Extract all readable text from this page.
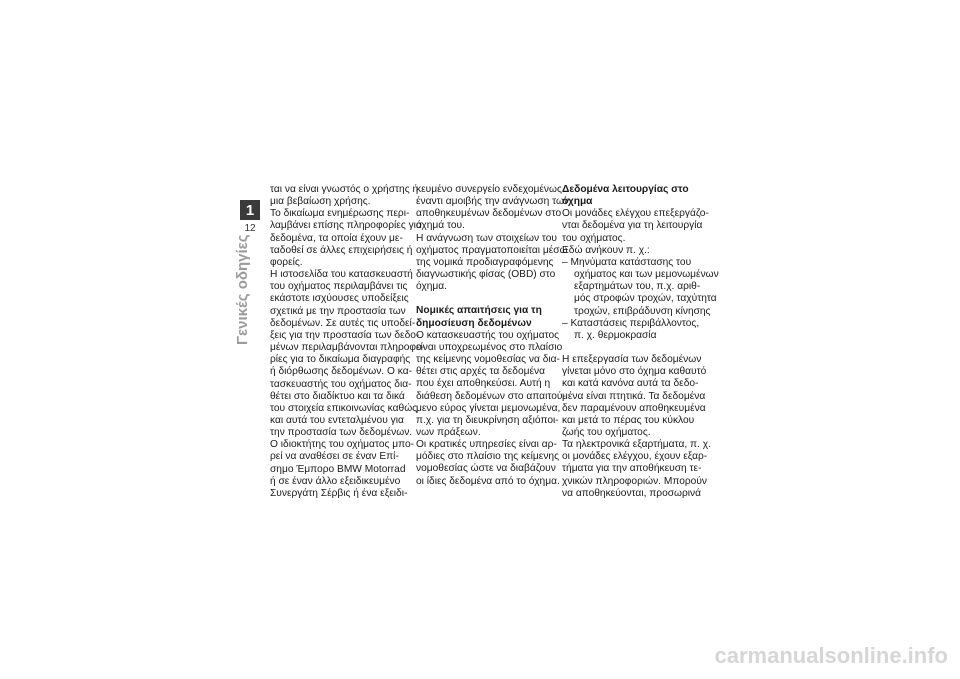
1
12
Γενικές οδηγίες
ται να είναι γνωστός ο χρήστης ή
μια βεβαίωση χρήσης.
Το δικαίωμα ενημέρωσης περι-
λαμβάνει επίσης πληροφορίες για
δεδομένα, τα οποία έχουν με-
ταδοθεί σε άλλες επιχειρήσεις ή
φορείς.
Η ιστοσελίδα του κατασκευαστή
του οχήματος περιλαμβάνει τις
εκάστοτε ισχύουσες υποδείξεις
σχετικά με την προστασία των
δεδομένων. Σε αυτές τις υποδεί-
ξεις για την προστασία των δεδο-
μένων περιλαμβάνονται πληροφο-
ρίες για το δικαίωμα διαγραφής
ή διόρθωσης δεδομένων. Ο κα-
τασκευαστής του οχήματος δια-
θέτει στο διαδίκτυο και τα δικά
του στοιχεία επικοινωνίας καθώς
και αυτά του εντεταλμένου για
την προστασία των δεδομένων.
Ο ιδιοκτήτης του οχήματος μπο-
ρεί να αναθέσει σε έναν Επί-
σημο Έμπορο BMW Motorrad
ή σε έναν άλλο εξειδικευμένο
Συνεργάτη Σέρβις ή ένα εξειδι-
κευμένο συνεργείο ενδεχομένως
έναντι αμοιβής την ανάγνωση των
αποθηκευμένων δεδομένων στο
όχημά του.
Η ανάγνωση των στοιχείων του
οχήματος πραγματοποιείται μέσω
της νομικά προδιαγραφόμενης
διαγνωστικής φίσας (OBD) στο
όχημα.
Νομικές απαιτήσεις για τη
δημοσίευση δεδομένων
Ο κατασκευαστής του οχήματος
είναι υποχρεωμένος στο πλαίσιο
της κείμενης νομοθεσίας να δια-
θέτει στις αρχές τα δεδομένα
που έχει αποθηκεύσει. Αυτή η
διάθεση δεδομένων στο απαιτού-
μενο εύρος γίνεται μεμονωμένα,
π.χ. για τη διευκρίνηση αξιόποι-
νων πράξεων.
Οι κρατικές υπηρεσίες είναι αρ-
μόδιες στο πλαίσιο της κείμενης
νομοθεσίας ώστε να διαβάζουν
οι ίδιες δεδομένα από το όχημα.
Δεδομένα λειτουργίας στο
όχημα
Οι μονάδες ελέγχου επεξεργάζο-
νται δεδομένα για τη λειτουργία
του οχήματος.
Εδώ ανήκουν π. χ.:
– Μηνύματα κατάστασης του
οχήματος και των μεμονωμένων
εξαρτημάτων του, π.χ. αριθ-
μός στροφών τροχών, ταχύτητα
τροχών, επιβράδυνση κίνησης
– Καταστάσεις περιβάλλοντος,
π. χ. θερμοκρασία
Η επεξεργασία των δεδομένων
γίνεται μόνο στο όχημα καθαυτό
και κατά κανόνα αυτά τα δεδο-
μένα είναι πτητικά. Τα δεδομένα
δεν παραμένουν αποθηκευμένα
και μετά το πέρας του κύκλου
ζωής του οχήματος.
Τα ηλεκτρονικά εξαρτήματα, π. χ.
οι μονάδες ελέγχου, έχουν εξαρ-
τήματα για την αποθήκευση τε-
χνικών πληροφοριών. Μπορούν
να αποθηκεύονται, προσωρινά
carmanualsonline.info
